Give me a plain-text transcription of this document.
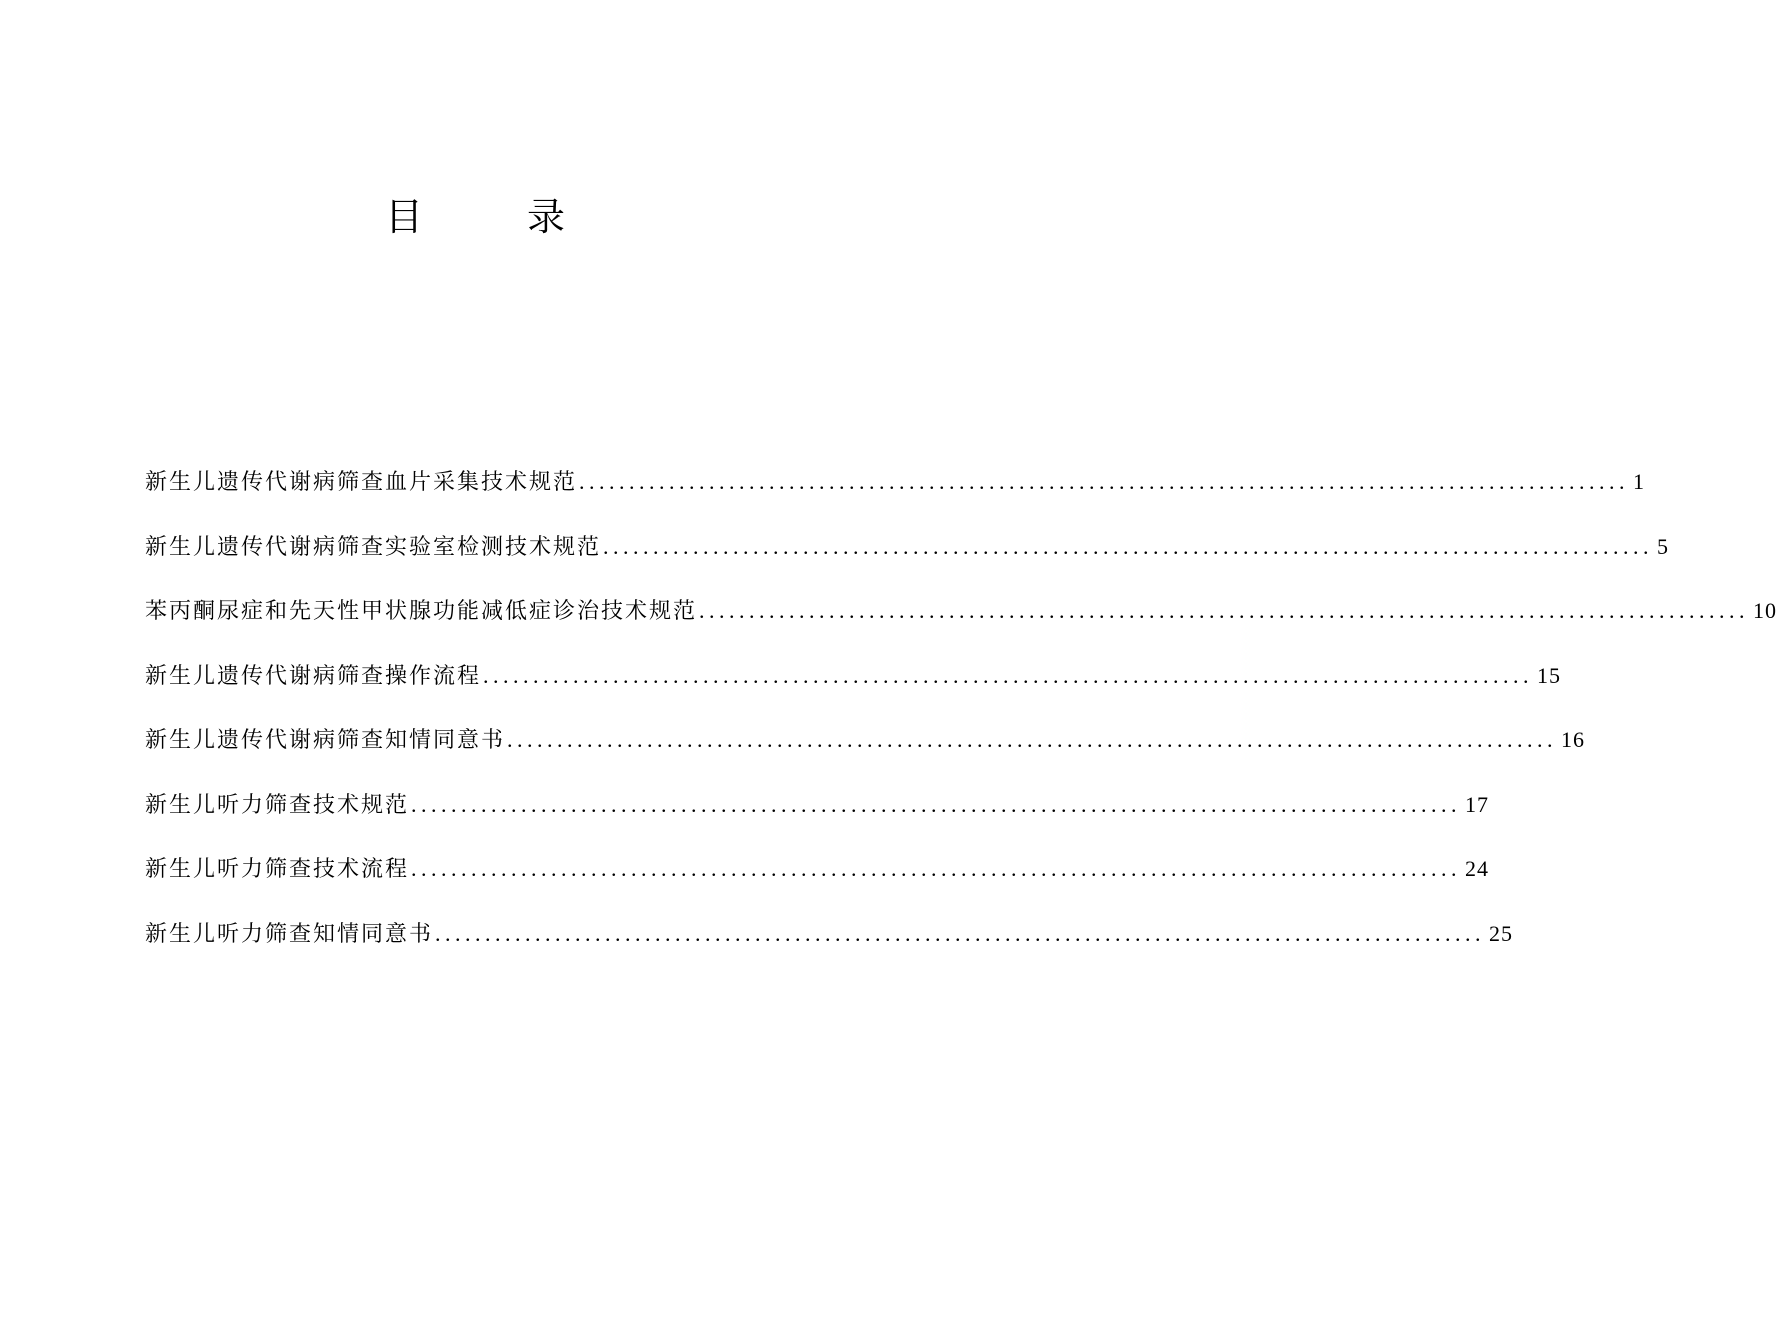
目 录
新生儿遗传代谢病筛查血片采集技术规范 ......................................................................................................... 1
新生儿遗传代谢病筛查实验室检测技术规范 ......................................................................................................... 5
苯丙酮尿症和先天性甲状腺功能减低症诊治技术规范 ......................................................................................................... 10
新生儿遗传代谢病筛查操作流程 ......................................................................................................... 15
新生儿遗传代谢病筛查知情同意书 ......................................................................................................... 16
新生儿听力筛查技术规范 ......................................................................................................... 17
新生儿听力筛查技术流程 ......................................................................................................... 24
新生儿听力筛查知情同意书 ......................................................................................................... 25
